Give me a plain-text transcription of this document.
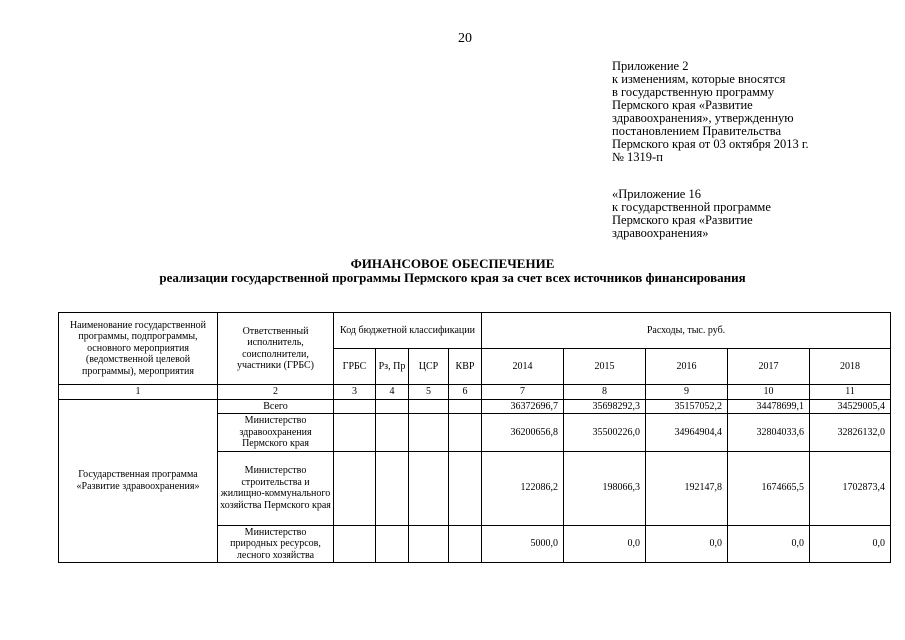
20
Приложение 2
к изменениям, которые вносятся
в государственную программу
Пермского края «Развитие
здравоохранения», утвержденную
постановлением Правительства
Пермского края от 03 октября 2013 г.
№ 1319-п
«Приложение 16
к государственной программе
Пермского края «Развитие
здравоохранения»
ФИНАНСОВОЕ ОБЕСПЕЧЕНИЕ
реализации государственной программы Пермского края за счет всех источников финансирования
Наименование государственной программы, подпрограммы, основного мероприятия (ведомственной целевой программы), мероприятия	Ответственный исполнитель, соисполнители, участники (ГРБС)	Код бюджетной классификации				Расходы, тыс. руб.				
		ГРБС	Рз, Пр	ЦСР	КВР	2014	2015	2016	2017	2018
1	2	3	4	5	6	7	8	9	10	11
Государственная программа «Развитие здравоохранения»	Всего					36372696,7	35698292,3	35157052,2	34478699,1	34529005,4
	Министерство здравоохранения Пермского края					36200656,8	35500226,0	34964904,4	32804033,6	32826132,0
	Министерство строительства и жилищно-коммунального хозяйства Пермского края					122086,2	198066,3	192147,8	1674665,5	1702873,4
	Министерство природных ресурсов, лесного хозяйства					5000,0	0,0	0,0	0,0	0,0
